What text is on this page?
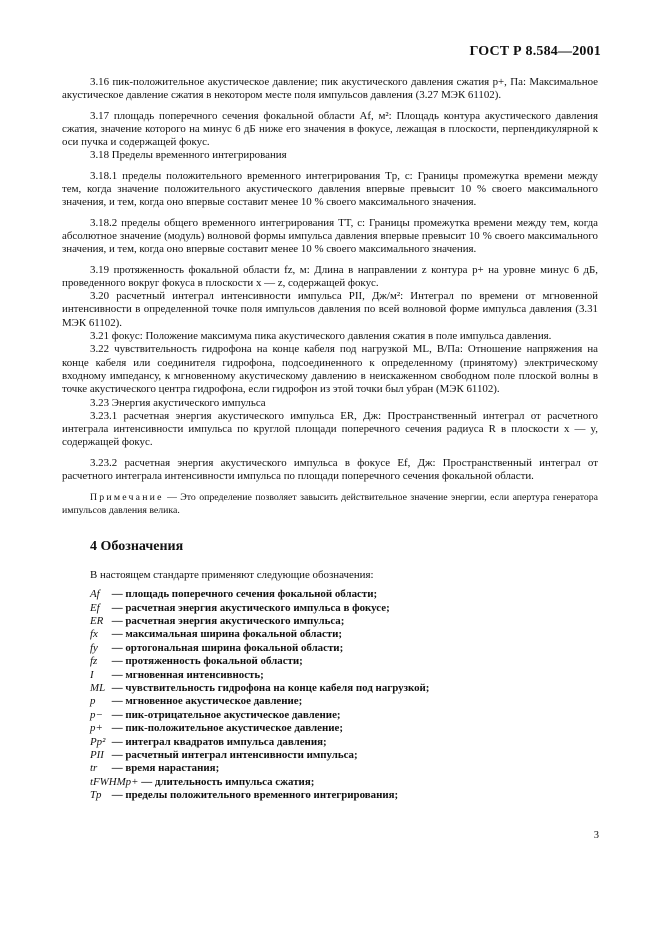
ГОСТ Р 8.584—2001

3.16 пик-положительное акустическое давление; пик акустического давления сжатия p+, Па: Максимальное акустическое давление сжатия в некотором месте поля импульсов давления (3.27 МЭК 61102).

3.17 площадь поперечного сечения фокальной области Af, м²: Площадь контура акустического давления сжатия, значение которого на минус 6 дБ ниже его значения в фокусе, лежащая в плоскости, перпендикулярной к оси пучка и содержащей фокус.

3.18 Пределы временного интегрирования

3.18.1 пределы положительного временного интегрирования Tp, с: Границы промежутка времени между тем, когда значение положительного акустического давления впервые превысит 10 % своего максимального значения, и тем, когда оно впервые составит менее 10 % своего максимального значения.

3.18.2 пределы общего временного интегрирования TT, с: Границы промежутка времени между тем, когда абсолютное значение (модуль) волновой формы импульса давления впервые превысит 10 % своего максимального значения, и тем, когда оно впервые составит менее 10 % своего максимального значения.

3.19 протяженность фокальной области fz, м: Длина в направлении z контура p+ на уровне минус 6 дБ, проведенного вокруг фокуса в плоскости x — z, содержащей фокус.

3.20 расчетный интеграл интенсивности импульса PII, Дж/м²: Интеграл по времени от мгновенной интенсивности в определенной точке поля импульсов давления по всей волновой форме импульса давления (3.31 МЭК 61102).

3.21 фокус: Положение максимума пика акустического давления сжатия в поле импульса давления.

3.22 чувствительность гидрофона на конце кабеля под нагрузкой ML, В/Па: Отношение напряжения на конце кабеля или соединителя гидрофона, подсоединенного к определенному (принятому) электрическому входному импедансу, к мгновенному акустическому давлению в неискаженном свободном поле плоской волны в точке акустического центра гидрофона, если гидрофон из этой точки был убран (МЭК 61102).

3.23 Энергия акустического импульса

3.23.1 расчетная энергия акустического импульса ER, Дж: Пространственный интеграл от расчетного интеграла интенсивности импульса по круглой площади поперечного сечения радиуса R в плоскости x — y, содержащей фокус.

3.23.2 расчетная энергия акустического импульса в фокусе Ef, Дж: Пространственный интеграл от расчетного интеграла интенсивности импульса по площади поперечного сечения фокальной области.

Примечание — Это определение позволяет завысить действительное значение энергии, если апертура генератора импульсов давления велика.

4 Обозначения

В настоящем стандарте применяют следующие обозначения:

Af — площадь поперечного сечения фокальной области;
Ef — расчетная энергия акустического импульса в фокусе;
ER — расчетная энергия акустического импульса;
fx — максимальная ширина фокальной области;
fy — ортогональная ширина фокальной области;
fz — протяженность фокальной области;
I — мгновенная интенсивность;
ML — чувствительность гидрофона на конце кабеля под нагрузкой;
p — мгновенное акустическое давление;
p− — пик-отрицательное акустическое давление;
p+ — пик-положительное акустическое давление;
Pp² — интеграл квадратов импульса давления;
PII — расчетный интеграл интенсивности импульса;
tr — время нарастания;
tFWHMp+ — длительность импульса сжатия;
Tp — пределы положительного временного интегрирования;
3
